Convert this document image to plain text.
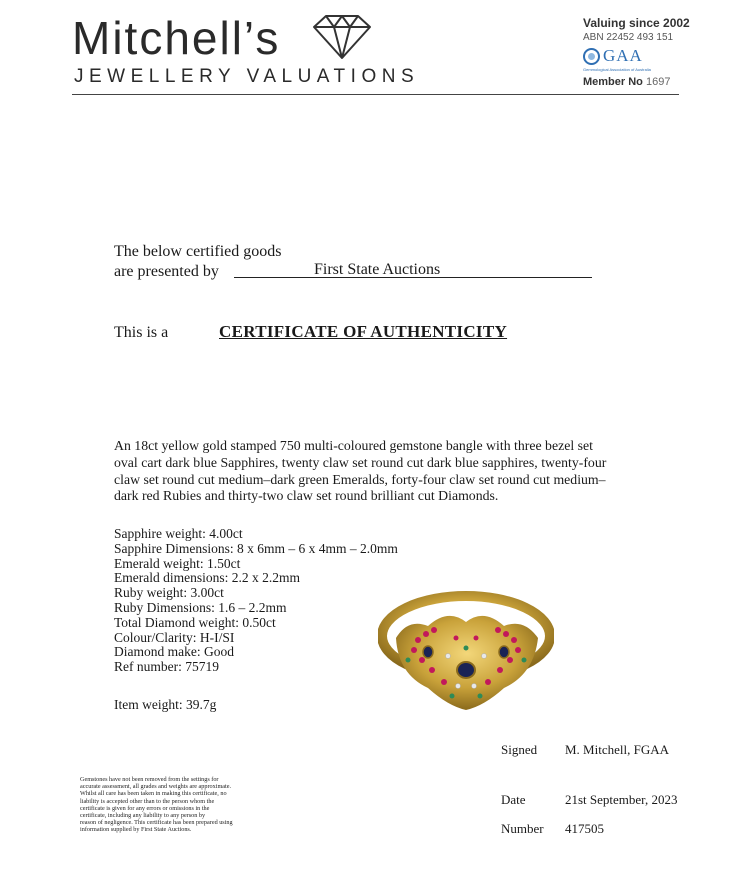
Mitchell’s
JEWELLERY VALUATIONS
Valuing since 2002
ABN 22452 493 151
GAA
Gemmological Association of Australia
Member No 1697
The below certified goods
are presented by	First State Auctions
This is a	CERTIFICATE OF AUTHENTICITY
An 18ct yellow gold stamped 750 multi-coloured gemstone bangle with three bezel set
oval cart dark blue Sapphires, twenty claw set round cut dark blue sapphires, twenty-four
claw set round cut medium–dark green Emeralds, forty-four claw set round cut medium–
dark red Rubies and thirty-two claw set round brilliant cut Diamonds.
Sapphire weight: 4.00ct
Sapphire Dimensions: 8 x 6mm – 6 x 4mm – 2.0mm
Emerald weight: 1.50ct
Emerald dimensions: 2.2 x 2.2mm
Ruby weight: 3.00ct
Ruby Dimensions: 1.6 – 2.2mm
Total Diamond weight: 0.50ct
Colour/Clarity: H-I/SI
Diamond make: Good
Ref number: 75719
Item weight: 39.7g
Signed M. Mitchell, FGAA
Date	21st September, 2023
Number 417505
Gemstones have not been removed from the settings for
accurate assessment, all grades and weights are approximate.
Whilst all care has been taken in making this certificate, no
liability is accepted other than to the person whom the
certificate is given for any errors or omissions in the
certificate, including any liability to any person by
reason of negligence. This certificate has been prepared using
information supplied by First State Auctions.
